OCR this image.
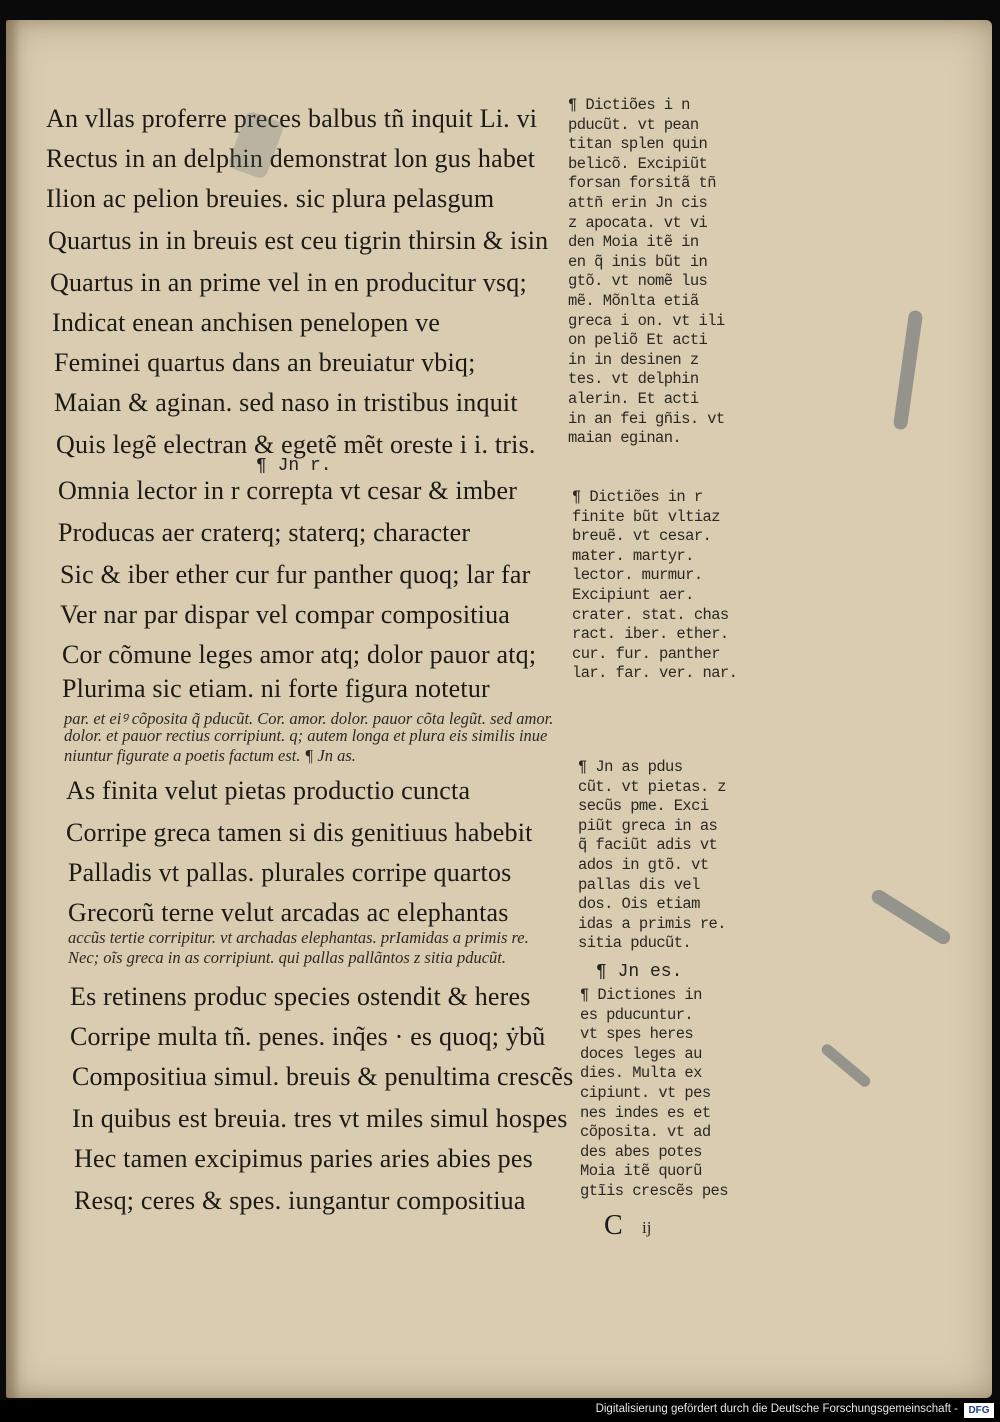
An vllas proferre preces balbus tñ inquit Li. vi
Rectus in an delphin demonstrat lon gus habet
Ilion ac pelion breuies. sic plura pelasgum
Quartus in in breuis est ceu tigrin thirsin & isin
Quartus in an prime vel in en producitur vsq;
Indicat enean anchisen penelopen ve
Feminei quartus dans an breuiatur vbiq;
Maian & aginan. sed naso in tristibus inquit
Quis legẽ electran & egetẽ mẽt oreste i i. tris.
¶ Jn r.
Omnia lector in r correpta vt cesar & imber
Producas aer craterq; staterq; character
Sic & iber ether cur fur panther quoq; lar far
Ver nar par dispar vel compar compositiua
Cor cõmune leges amor atq; dolor pauor atq;
Plurima sic etiam. ni forte figura notetur
par. et eiꝰ cõposita q̃ pducũt. Cor. amor. dolor. pauor cõta legũt. sed amor.
dolor. et pauor rectius corripiunt. q; autem longa et plura eis similis inue
niuntur figurate a poetis factum est. ¶ Jn as.
As finita velut pietas productio cuncta
Corripe greca tamen si dis genitiuus habebit
Palladis vt pallas. plurales corripe quartos
Grecorũ terne velut arcadas ac elephantas
accũs tertie corripitur. vt archadas elephantas. prIamidas a primis re.
Nec; oĩs greca in as corripiunt. qui pallas pallãntos z sitia pducũt.
Es retinens produc species ostendit & heres
Corripe multa tñ. penes. inq̃es · es quoq; ẏbũ
Compositiua simul. breuis & penultima crescẽs
In quibus est breuia. tres vt miles simul hospes
Hec tamen excipimus paries aries abies pes
Resq; ceres & spes. iungantur compositiua
¶ Dictiões i n
pducũt. vt pean
titan splen quin
belicõ. Excipiũt
forsan forsitã tñ
attñ erin Jn cis
z apocata. vt vi
den Moia itẽ in
en q̃ inis bũt in
gtõ. vt nomẽ lus
mẽ. Mõnlta etiã
greca i on. vt ili
on peliõ Et acti
in in desinen z
tes. vt delphin
alerin. Et acti
in an fei gñis. vt
maian eginan.
¶ Dictiões in r
finite bũt vltiaz
breuẽ. vt cesar.
mater. martyr.
lector. murmur.
Excipiunt aer.
crater. stat. chas
ract. iber. ether.
cur. fur. panther
lar. far. ver. nar.
¶ Jn as pdus
cũt. vt pietas. z
secũs pme. Exci
piũt greca in as
q̃ faciũt adis vt
ados in gtõ. vt
pallas dis vel
dos. Ois etiam
idas a primis re.
sitia pducũt.
¶ Jn es.
¶ Dictiones in
es pducuntur.
vt spes heres
doces leges au
dies. Multa ex
cipiunt. vt pes
nes indes es et
cõposita. vt ad
des abes potes
Moia itẽ quorũ
gtĩis crescẽs pes
C ij
Digitalisierung gefördert durch die Deutsche Forschungsgemeinschaft -	DFG
